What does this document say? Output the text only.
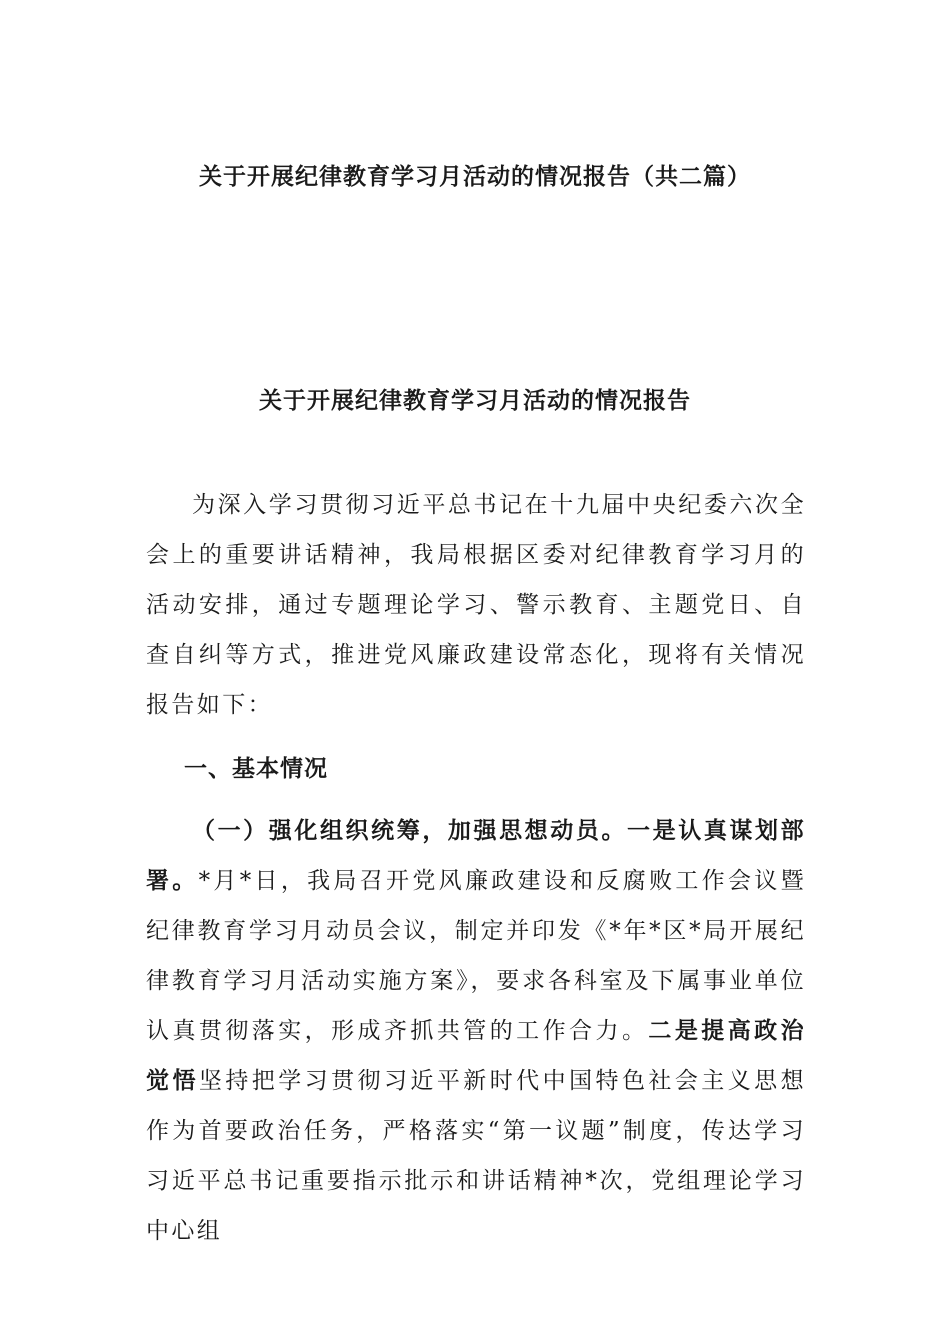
关于开展纪律教育学习月活动的情况报告（共二篇）
关于开展纪律教育学习月活动的情况报告

为深入学习贯彻习近平总书记在十九届中央纪委六次全会上的重要讲话精神，我局根据区委对纪律教育学习月的活动安排，通过专题理论学习、警示教育、主题党日、自查自纠等方式，推进党风廉政建设常态化，现将有关情况报告如下：

一、基本情况

（一）强化组织统筹，加强思想动员。一是认真谋划部署。*月*日，我局召开党风廉政建设和反腐败工作会议暨纪律教育学习月动员会议，制定并印发《*年*区*局开展纪律教育学习月活动实施方案》，要求各科室及下属事业单位认真贯彻落实，形成齐抓共管的工作合力。二是提高政治觉悟坚持把学习贯彻习近平新时代中国特色社会主义思想作为首要政治任务，严格落实“第一议题”制度，传达学习习近平总书记重要指示批示和讲话精神*次，党组理论学习中心组
